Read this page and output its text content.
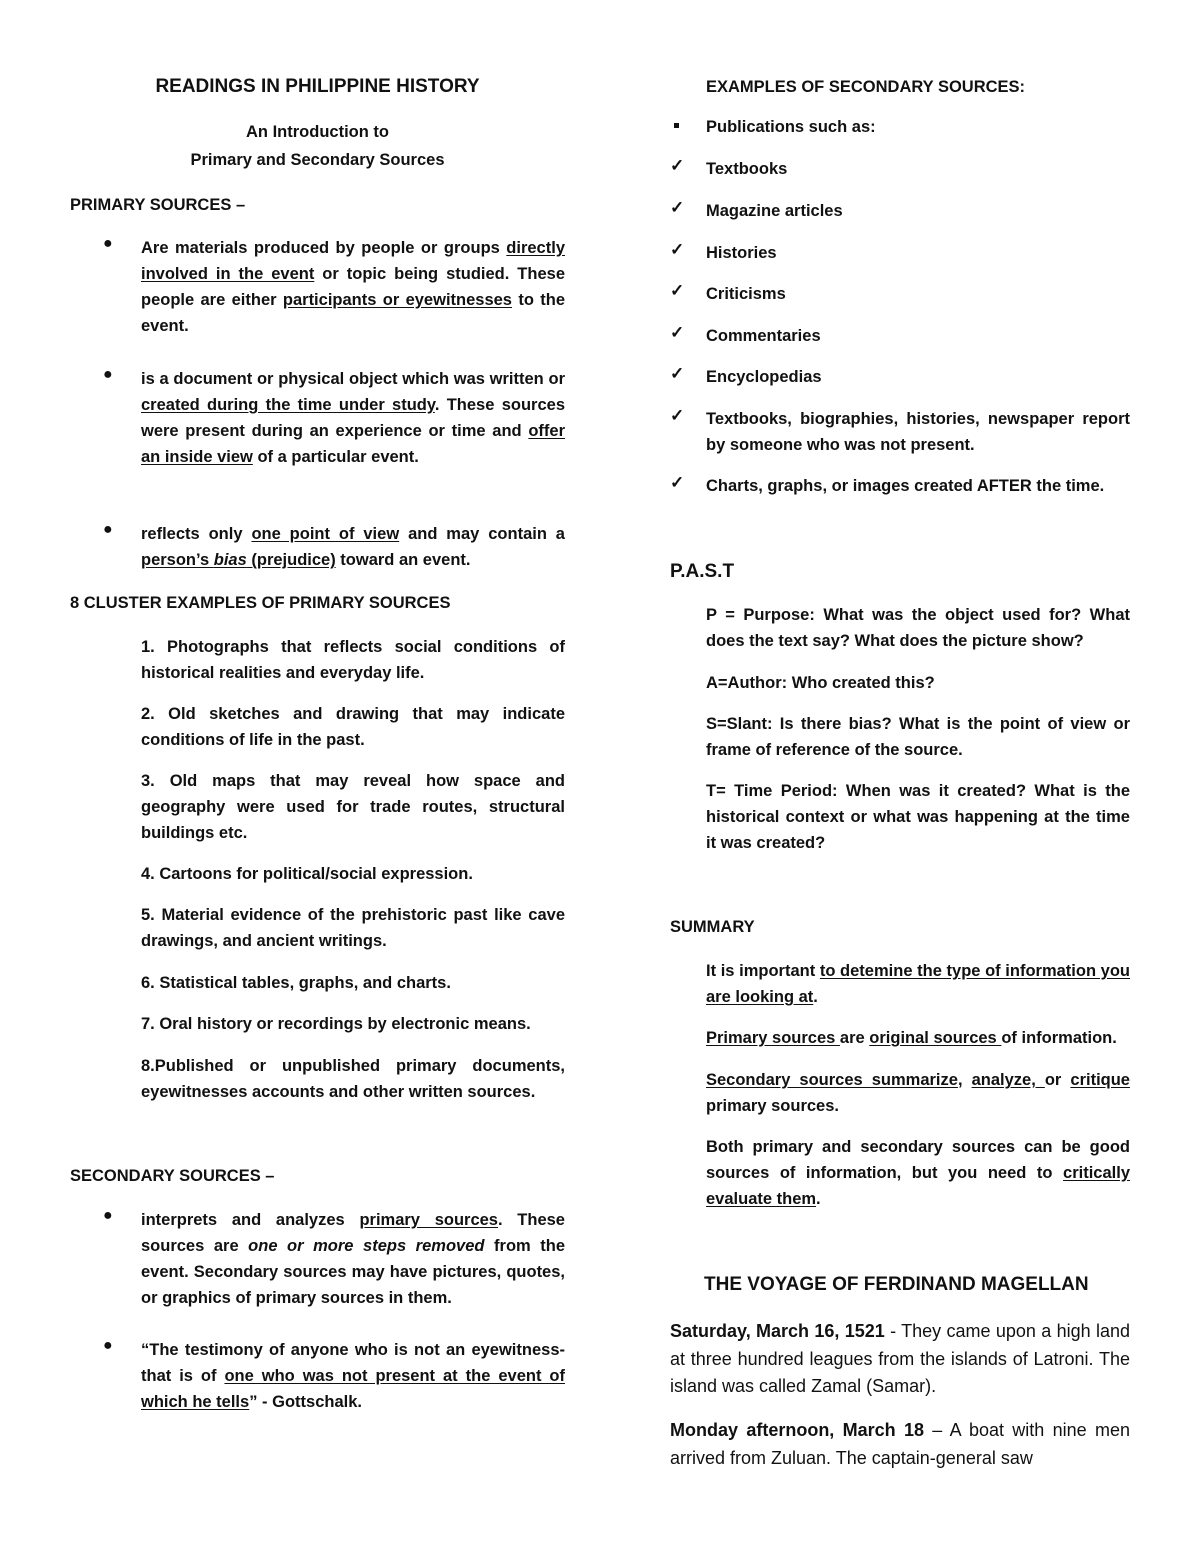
READINGS IN PHILIPPINE HISTORY
An Introduction to
Primary and Secondary Sources
PRIMARY SOURCES –
● Are materials produced by people or groups directly involved in the event or topic being studied. These people are either participants or eyewitnesses to the event.
● is a document or physical object which was written or created during the time under study. These sources were present during an experience or time and offer an inside view of a particular event.
● reflects only one point of view and may contain a person’s bias (prejudice) toward an event.
8 CLUSTER EXAMPLES OF PRIMARY SOURCES
1. Photographs that reflects social conditions of historical realities and everyday life.
2. Old sketches and drawing that may indicate conditions of life in the past.
3. Old maps that may reveal how space and geography were used for trade routes, structural buildings etc.
4. Cartoons for political/social expression.
5. Material evidence of the prehistoric past like cave drawings, and ancient writings.
6. Statistical tables, graphs, and charts.
7. Oral history or recordings by electronic means.
8.Published or unpublished primary documents, eyewitnesses accounts and other written sources.
SECONDARY SOURCES –
● interprets and analyzes primary sources. These sources are one or more steps removed from the event. Secondary sources may have pictures, quotes, or graphics of primary sources in them.
● “The testimony of anyone who is not an eyewitness- that is of one who was not present at the event of which he tells” - Gottschalk.
EXAMPLES OF SECONDARY SOURCES:
Publications such as:
✓ Textbooks
✓ Magazine articles
✓ Histories
✓ Criticisms
✓ Commentaries
✓ Encyclopedias
✓ Textbooks, biographies, histories, newspaper report by someone who was not present.
✓ Charts, graphs, or images created AFTER the time.
P.A.S.T
P = Purpose: What was the object used for? What does the text say? What does the picture show?
A=Author: Who created this?
S=Slant: Is there bias? What is the point of view or frame of reference of the source.
T= Time Period: When was it created? What is the historical context or what was happening at the time it was created?
SUMMARY
It is important to detemine the type of information you are looking at.
Primary sources are original sources of information.
Secondary sources summarize, analyze, or critique primary sources.
Both primary and secondary sources can be good sources of information, but you need to critically evaluate them.
THE VOYAGE OF FERDINAND MAGELLAN
Saturday, March 16, 1521 - They came upon a high land at three hundred leagues from the islands of Latroni. The island was called Zamal (Samar).
Monday afternoon, March 18 – A boat with nine men arrived from Zuluan. The captain-general saw
